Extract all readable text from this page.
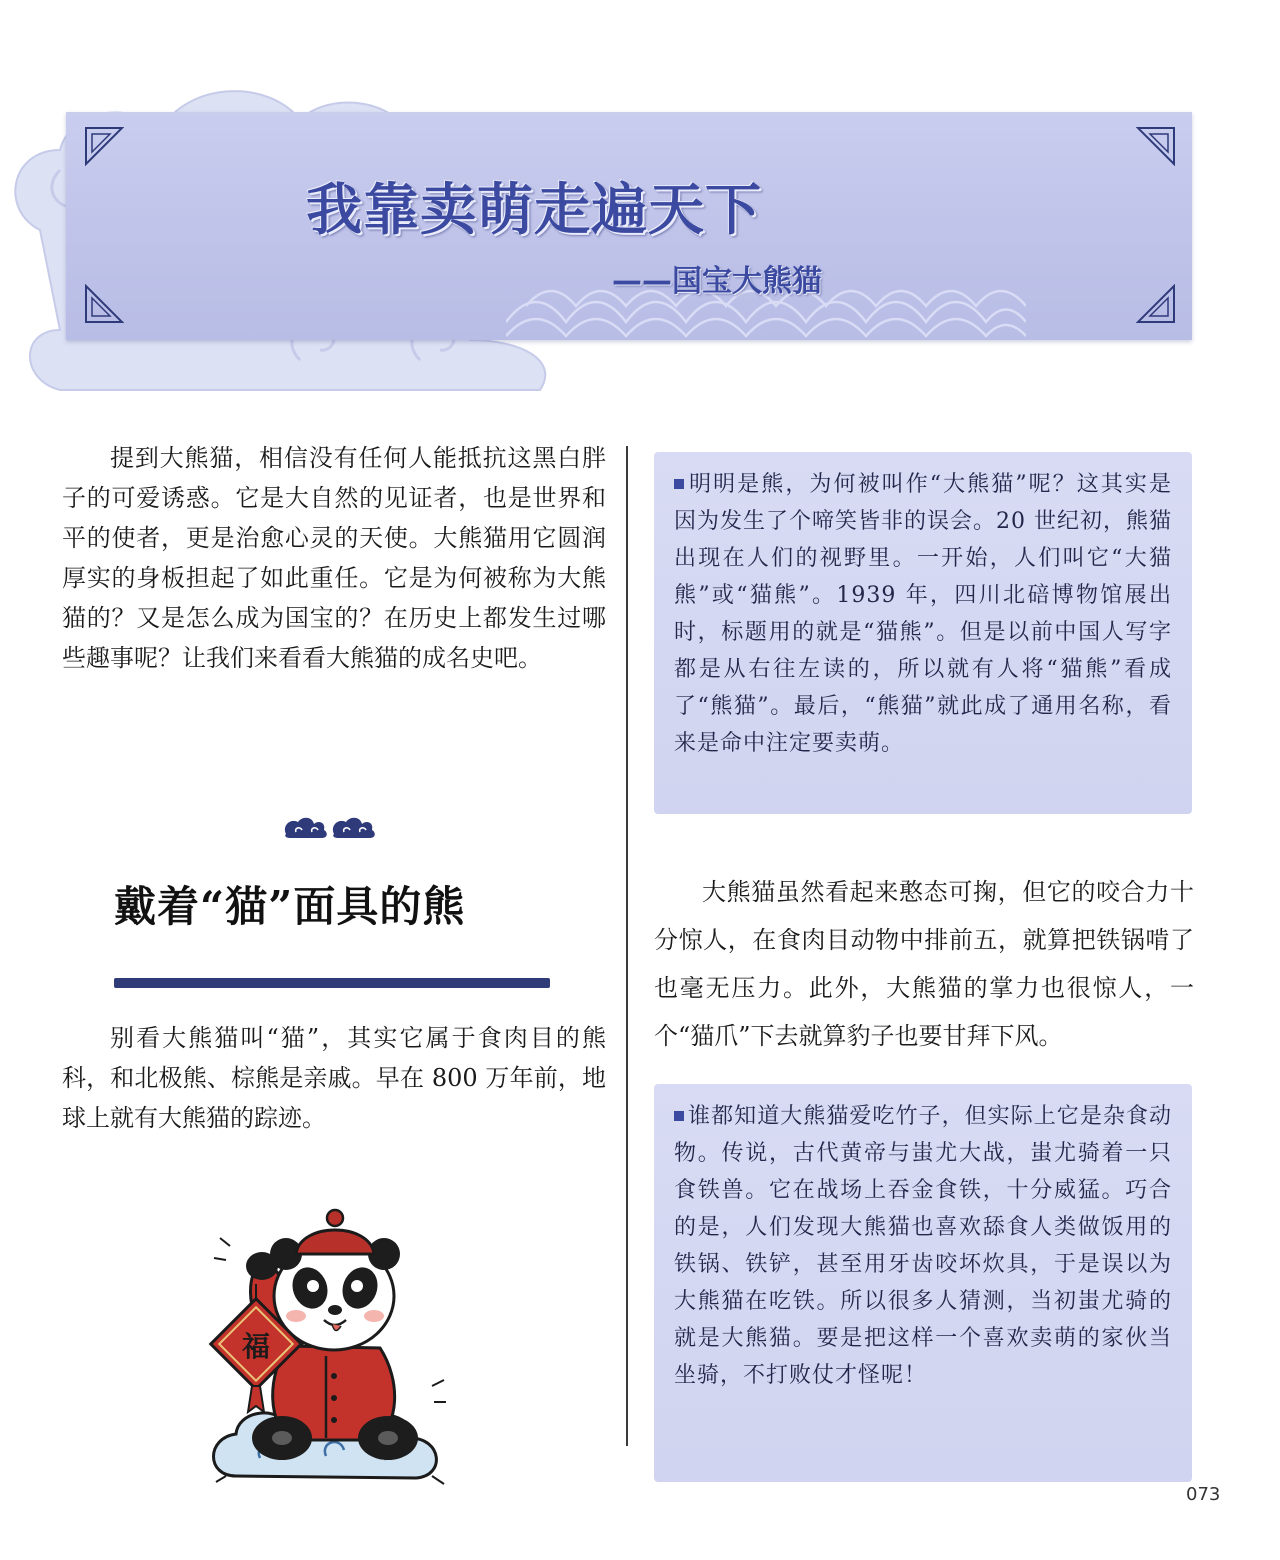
我靠卖萌走遍天下
——国宝大熊猫

提到大熊猫，相信没有任何人能抵抗这黑白胖子的可爱诱惑。它是大自然的见证者，也是世界和平的使者，更是治愈心灵的天使。大熊猫用它圆润厚实的身板担起了如此重任。它是为何被称为大熊猫的？又是怎么成为国宝的？在历史上都发生过哪些趣事呢？让我们来看看大熊猫的成名史吧。

戴着“猫”面具的熊

别看大熊猫叫“猫”，其实它属于食肉目的熊科，和北极熊、棕熊是亲戚。早在 800 万年前，地球上就有大熊猫的踪迹。

福
明明是熊，为何被叫作“大熊猫”呢？这其实是因为发生了个啼笑皆非的误会。20 世纪初，熊猫出现在人们的视野里。一开始，人们叫它“大猫熊”或“猫熊”。1939 年，四川北碚博物馆展出时，标题用的就是“猫熊”。但是以前中国人写字都是从右往左读的，所以就有人将“猫熊”看成了“熊猫”。最后，“熊猫”就此成了通用名称，看来是命中注定要卖萌。

大熊猫虽然看起来憨态可掬，但它的咬合力十分惊人，在食肉目动物中排前五，就算把铁锅啃了也毫无压力。此外，大熊猫的掌力也很惊人，一个“猫爪”下去就算豹子也要甘拜下风。

谁都知道大熊猫爱吃竹子，但实际上它是杂食动物。传说，古代黄帝与蚩尤大战，蚩尤骑着一只食铁兽。它在战场上吞金食铁，十分威猛。巧合的是，人们发现大熊猫也喜欢舔食人类做饭用的铁锅、铁铲，甚至用牙齿咬坏炊具，于是误以为大熊猫在吃铁。所以很多人猜测，当初蚩尤骑的就是大熊猫。要是把这样一个喜欢卖萌的家伙当坐骑，不打败仗才怪呢！
073
